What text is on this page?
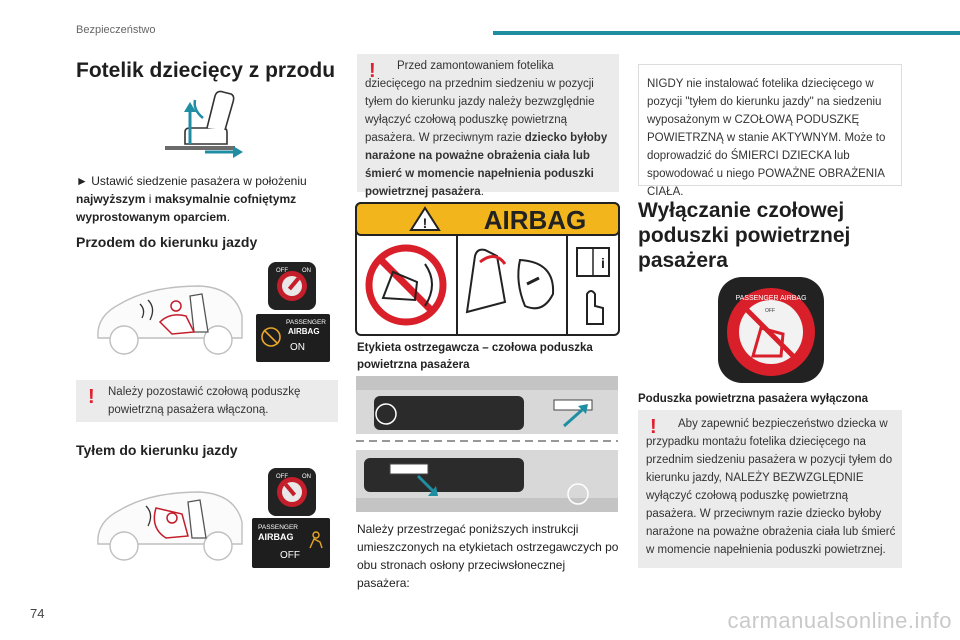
Bezpieczeństwo
Fotelik dziecięcy z przodu

► Ustawić siedzenie pasażera w położeniu najwyższym i maksymalnie cofniętymz wyprostowanym oparciem.

Przodem do kierunku jazdy
OFF ON
PASSENGER
AIRBAG
ON
! Należy pozostawić czołową poduszkę powietrzną pasażera włączoną.
Tyłem do kierunku jazdy
OFF ON
PASSENGER
AIRBAG
OFF
!	Przed zamontowaniem fotelika dziecięcego na przednim siedzeniu w pozycji tyłem do kierunku jazdy należy bezwzględnie wyłączyć czołową poduszkę powietrzną pasażera. W przeciwnym razie dziecko byłoby narażone na poważne obrażenia ciała lub śmierć w momencie napełnienia poduszki powietrznej pasażera.
! AIRBAG
i

Etykieta ostrzegawcza – czołowa poduszka powietrzna pasażera

Należy przestrzegać poniższych instrukcji umieszczonych na etykietach ostrzegawczych po obu stronach osłony przeciwsłonecznej pasażera:

NIGDY nie instalować fotelika dziecięcego w pozycji "tyłem do kierunku jazdy" na siedzeniu wyposażonym w CZOŁOWĄ PODUSZKĘ POWIETRZNĄ w stanie AKTYWNYM. Może to doprowadzić do ŚMIERCI DZIECKA lub spowodować u niego POWAŻNE OBRAŻENIA CIAŁA.
Wyłączanie czołowej poduszki powietrznej pasażera
PASSENGER AIRBAG
OFF

Poduszka powietrzna pasażera wyłączona

!	Aby zapewnić bezpieczeństwo dziecka w przypadku montażu fotelika dziecięcego na przednim siedzeniu pasażera w pozycji tyłem do kierunku jazdy, NALEŻY BEZWZGLĘDNIE wyłączyć czołową poduszkę powietrzną pasażera. W przeciwnym razie dziecko byłoby narażone na poważne obrażenia ciała lub śmierć w momencie napełnienia poduszki powietrznej.
74	carmanualsonline.info
